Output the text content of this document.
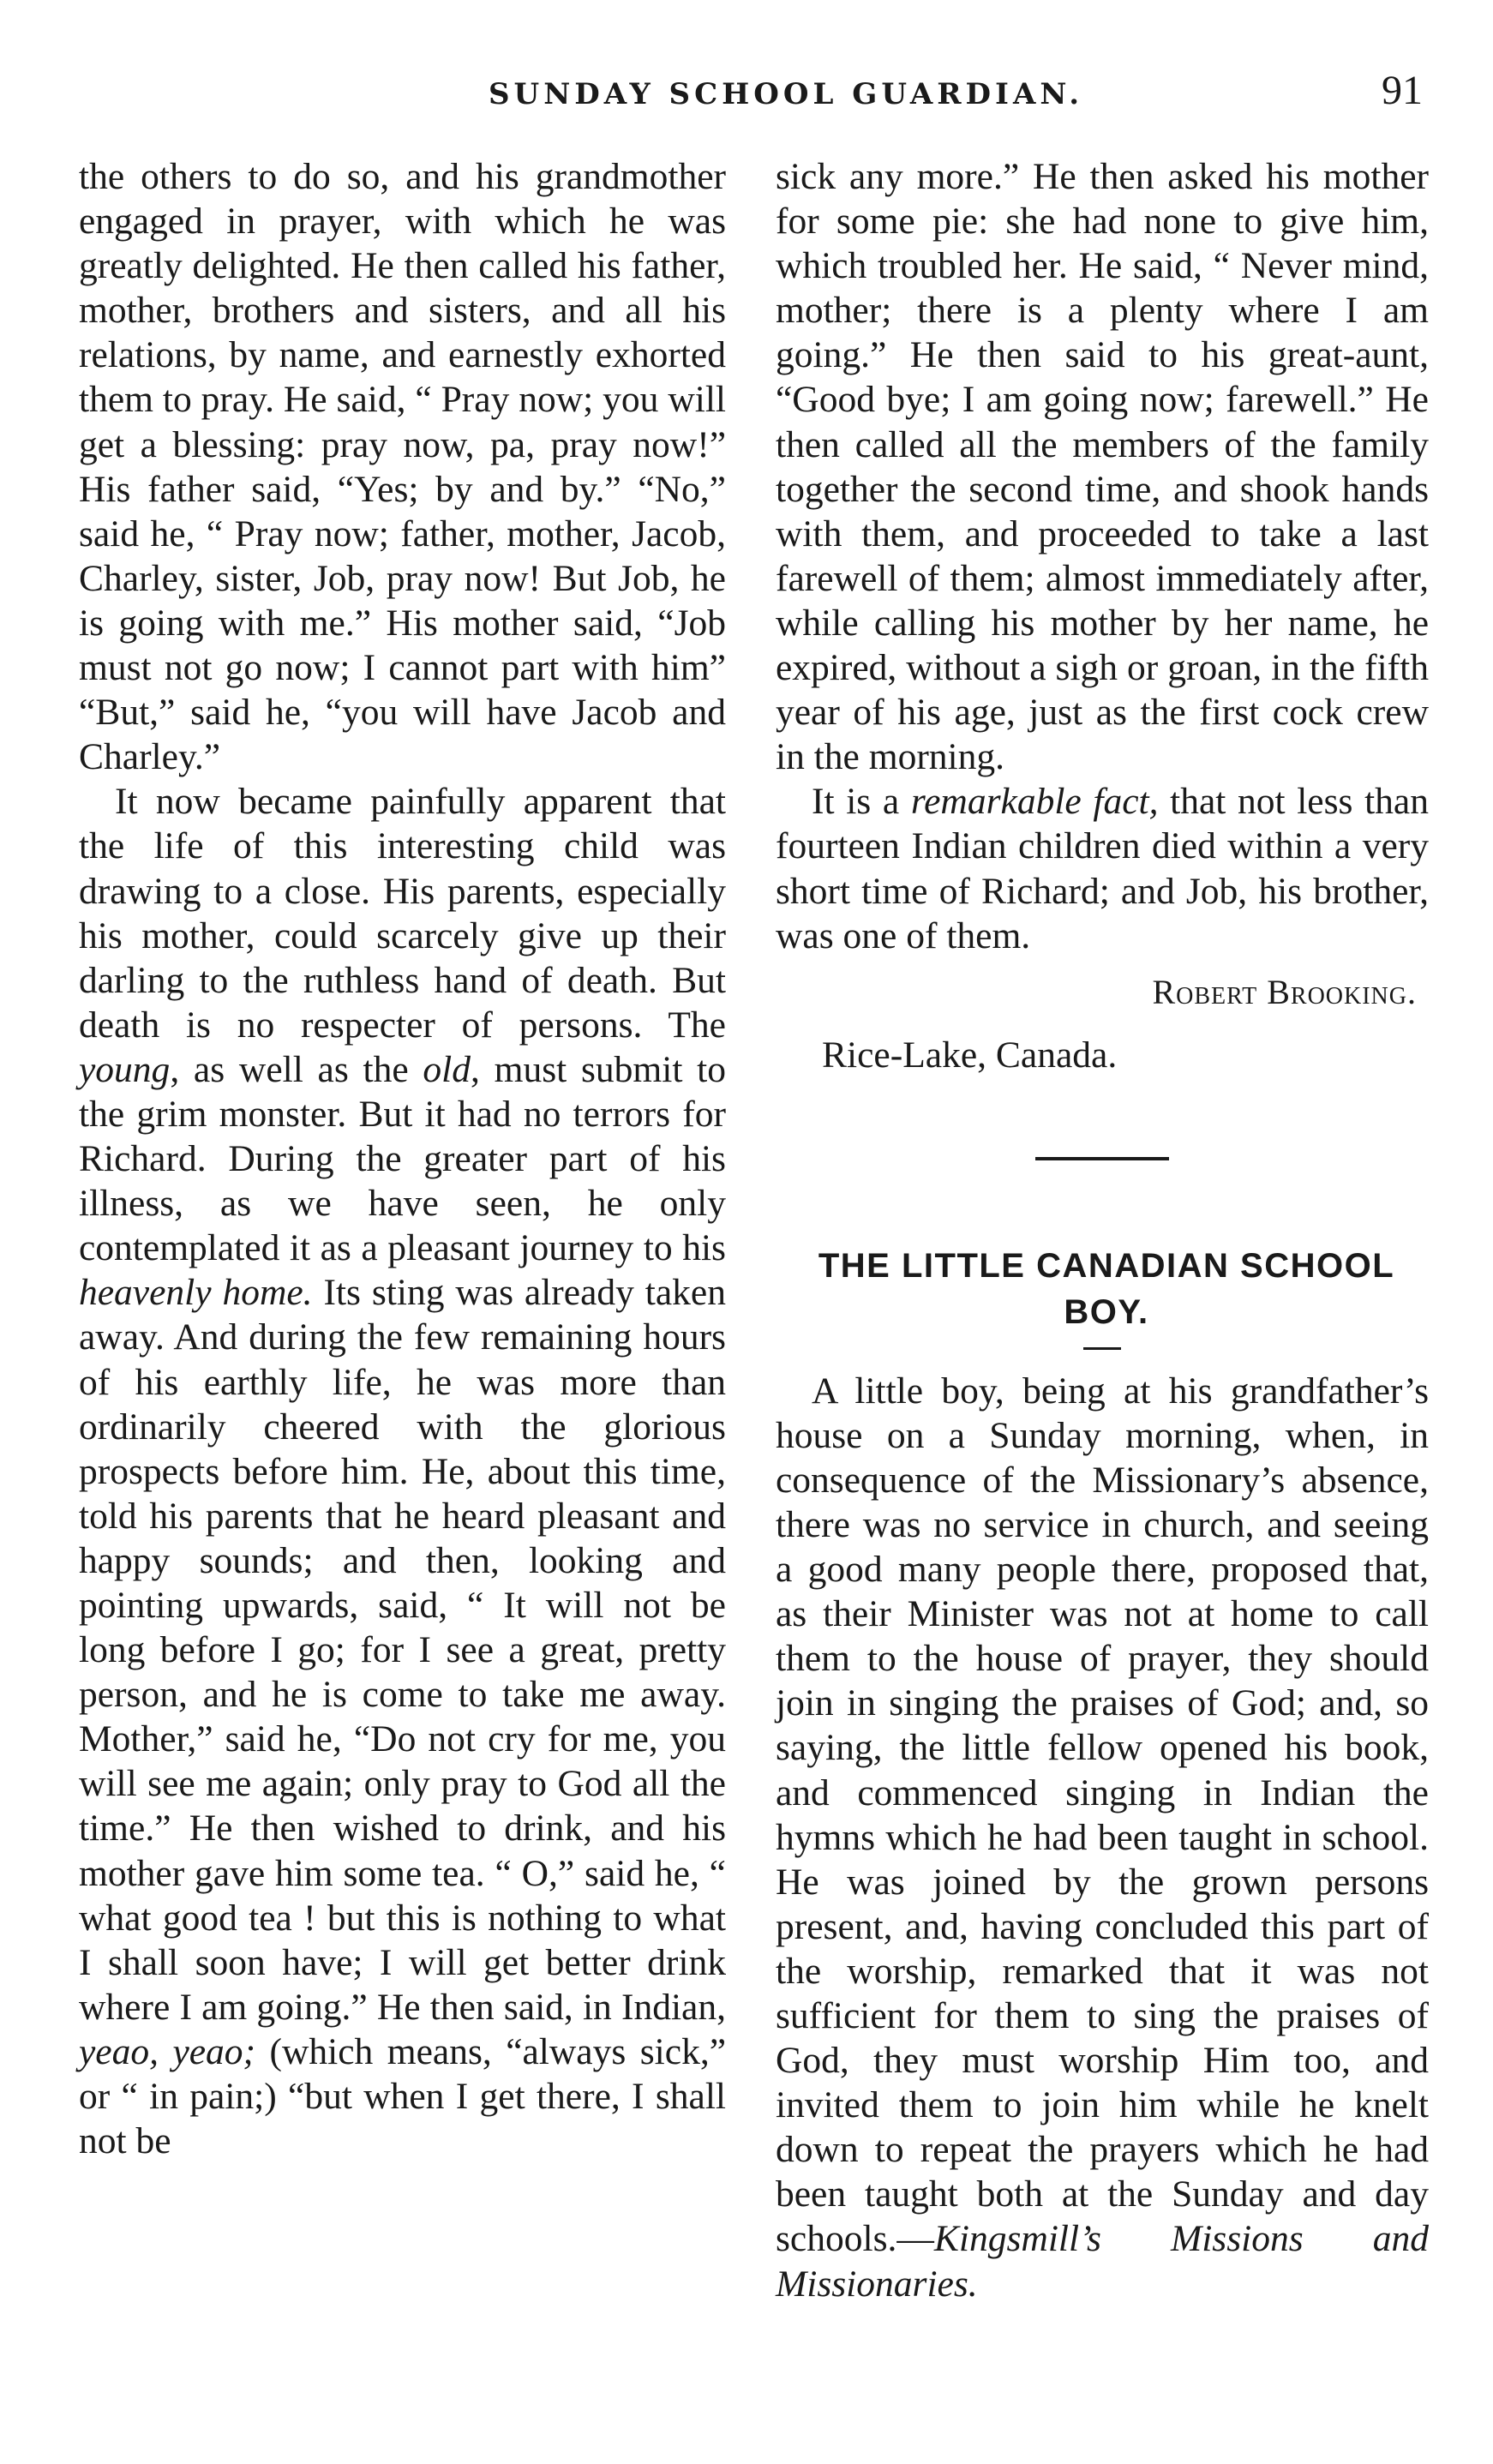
SUNDAY SCHOOL GUARDIAN.	91

the others to do so, and his grandmother engaged in prayer, with which he was greatly delighted. He then called his father, mother, brothers and sisters, and all his relations, by name, and earnestly exhorted them to pray. He said, “ Pray now; you will get a blessing: pray now, pa, pray now!” His father said, “Yes; by and by.” “No,” said he, “ Pray now; father, mother, Jacob, Charley, sister, Job, pray now! But Job, he is going with me.” His mother said, “Job must not go now; I cannot part with him” “But,” said he, “you will have Jacob and Charley.”

It now became painfully apparent that the life of this interesting child was drawing to a close. His parents, especially his mother, could scarcely give up their darling to the ruthless hand of death. But death is no respecter of persons. The young, as well as the old, must submit to the grim monster. But it had no terrors for Richard. During the greater part of his illness, as we have seen, he only contemplated it as a pleasant journey to his heavenly home. Its sting was already taken away. And during the few remaining hours of his earthly life, he was more than ordinarily cheered with the glorious prospects before him. He, about this time, told his parents that he heard pleasant and happy sounds; and then, looking and pointing upwards, said, “ It will not be long before I go; for I see a great, pretty person, and he is come to take me away. Mother,” said he, “Do not cry for me, you will see me again; only pray to God all the time.” He then wished to drink, and his mother gave him some tea. “ O,” said he, “ what good tea ! but this is nothing to what I shall soon have; I will get better drink where I am going.” He then said, in Indian, yeao, yeao; (which means, “always sick,” or “ in pain;) “but when I get there, I shall not be

sick any more.” He then asked his mother for some pie: she had none to give him, which troubled her. He said, “ Never mind, mother; there is a plenty where I am going.” He then said to his great-aunt, “Good bye; I am going now; farewell.” He then called all the members of the family together the second time, and shook hands with them, and proceeded to take a last farewell of them; almost immediately after, while calling his mother by her name, he expired, without a sigh or groan, in the fifth year of his age, just as the first cock crew in the morning.

It is a remarkable fact, that not less than fourteen Indian children died within a very short time of Richard; and Job, his brother, was one of them.

Robert Brooking.

Rice-Lake, Canada.

THE LITTLE CANADIAN SCHOOL BOY.

A little boy, being at his grandfather’s house on a Sunday morning, when, in consequence of the Missionary’s absence, there was no service in church, and seeing a good many people there, proposed that, as their Minister was not at home to call them to the house of prayer, they should join in singing the praises of God; and, so saying, the little fellow opened his book, and commenced singing in Indian the hymns which he had been taught in school. He was joined by the grown persons present, and, having concluded this part of the worship, remarked that it was not sufficient for them to sing the praises of God, they must worship Him too, and invited them to join him while he knelt down to repeat the prayers which he had been taught both at the Sunday and day schools.—Kingsmill’s Missions and Missionaries.
